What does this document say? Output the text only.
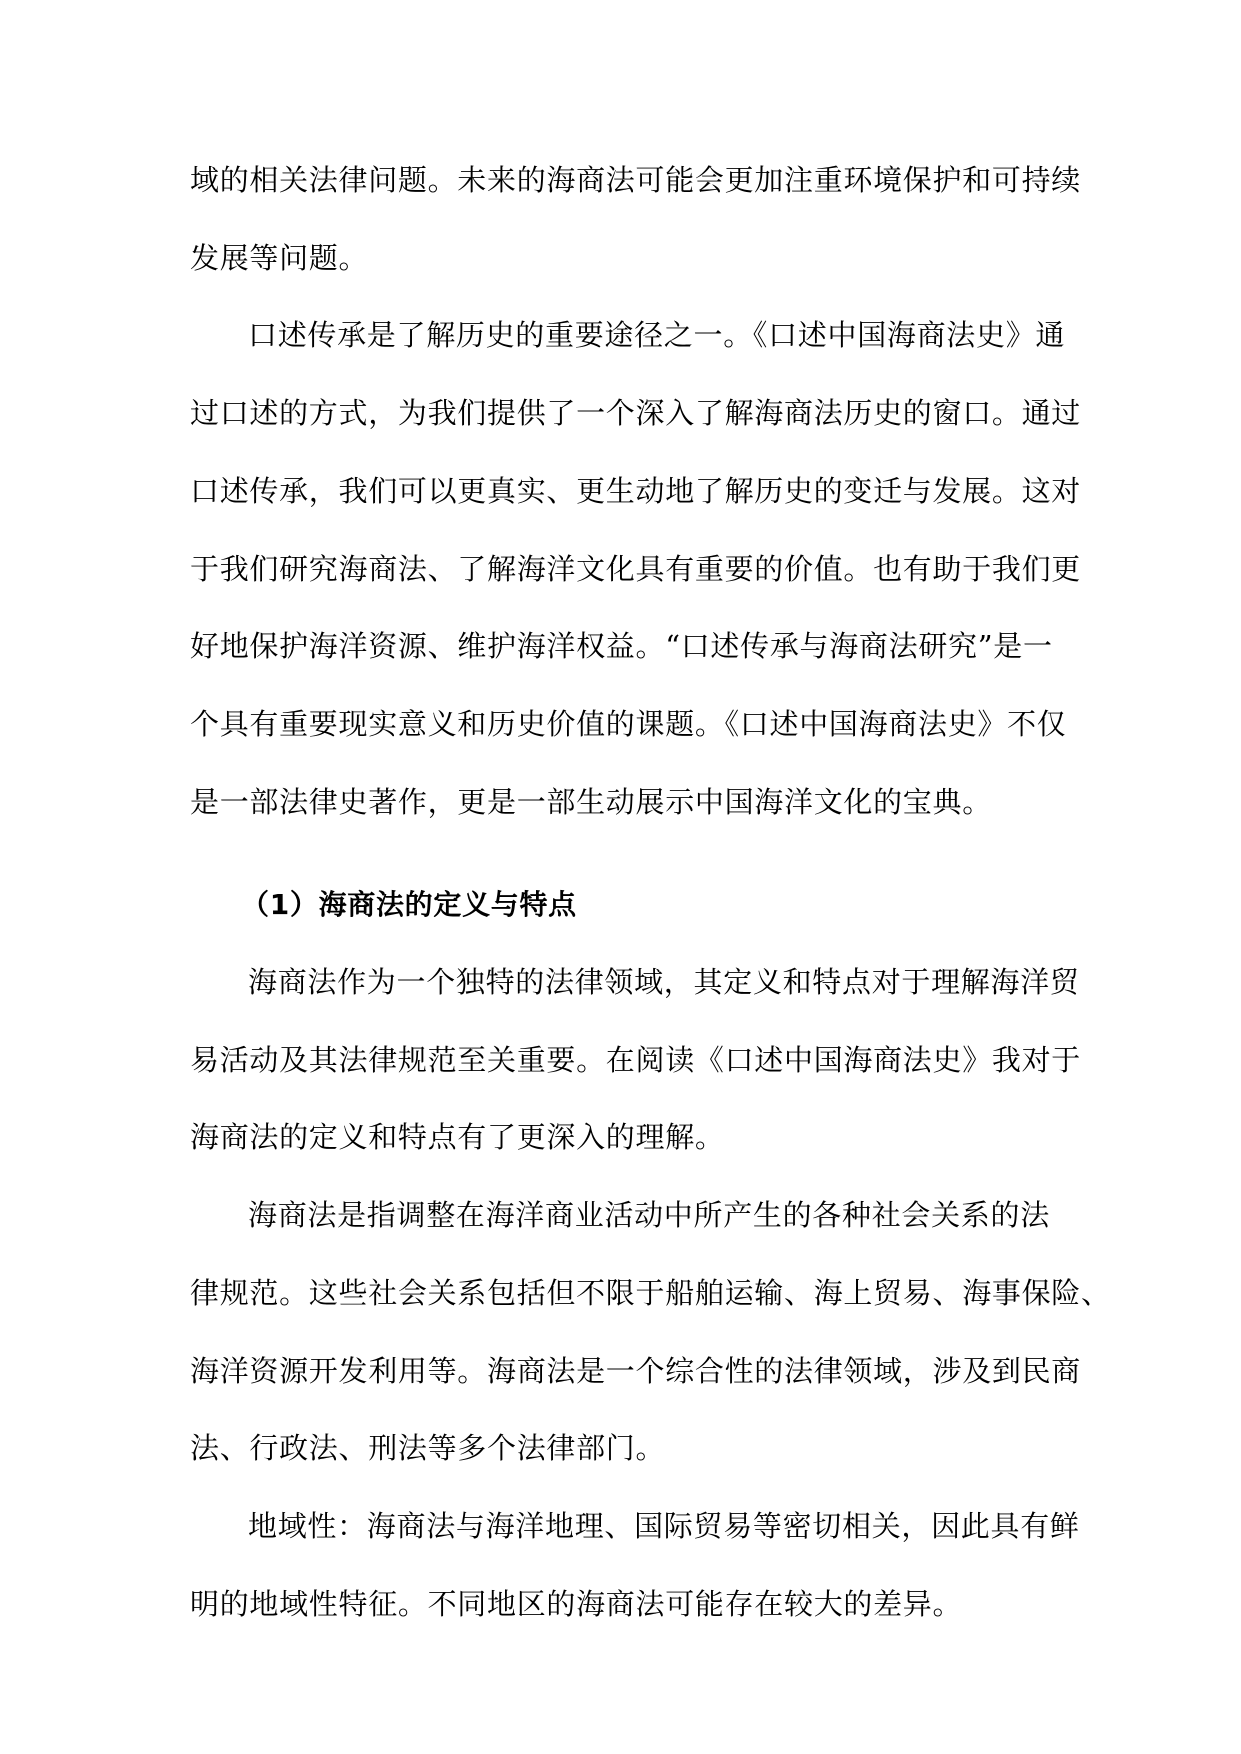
域的相关法律问题。未来的海商法可能会更加注重环境保护和可持续
发展等问题。

口述传承是了解历史的重要途径之一。《口述中国海商法史》通
过口述的方式，为我们提供了一个深入了解海商法历史的窗口。通过
口述传承，我们可以更真实、更生动地了解历史的变迁与发展。这对
于我们研究海商法、了解海洋文化具有重要的价值。也有助于我们更
好地保护海洋资源、维护海洋权益。“口述传承与海商法研究”是一
个具有重要现实意义和历史价值的课题。《口述中国海商法史》不仅
是一部法律史著作，更是一部生动展示中国海洋文化的宝典。

（1）海商法的定义与特点

海商法作为一个独特的法律领域，其定义和特点对于理解海洋贸
易活动及其法律规范至关重要。在阅读《口述中国海商法史》我对于
海商法的定义和特点有了更深入的理解。

海商法是指调整在海洋商业活动中所产生的各种社会关系的法
律规范。这些社会关系包括但不限于船舶运输、海上贸易、海事保险、
海洋资源开发利用等。海商法是一个综合性的法律领域，涉及到民商
法、行政法、刑法等多个法律部门。

地域性：海商法与海洋地理、国际贸易等密切相关，因此具有鲜
明的地域性特征。不同地区的海商法可能存在较大的差异。
